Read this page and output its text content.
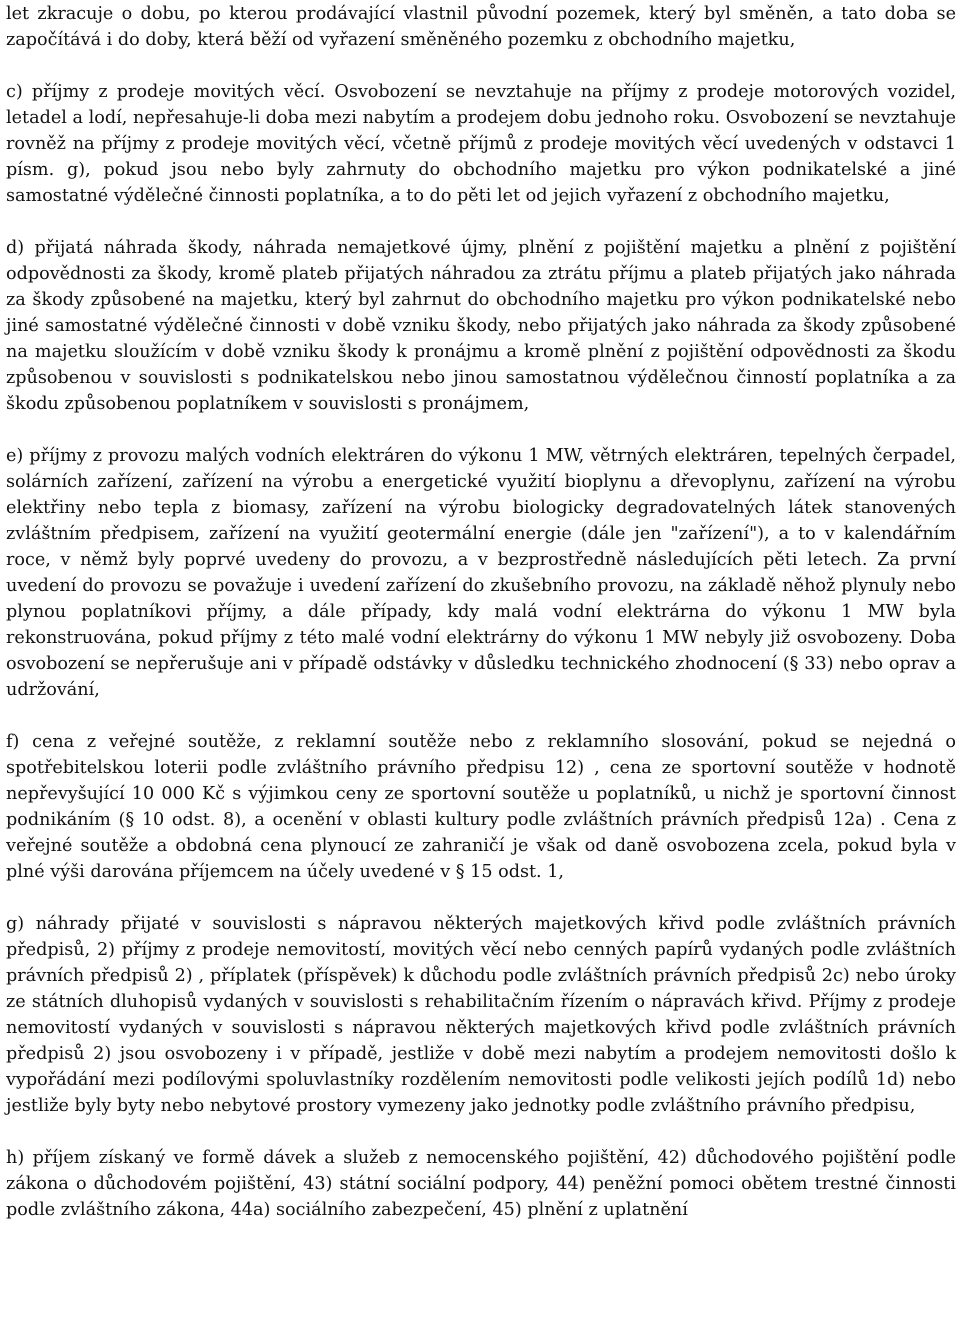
let zkracuje o dobu, po kterou prodávající vlastnil původní pozemek, který byl směněn, a tato doba se započítává i do doby, která běží od vyřazení směněného pozemku z obchodního majetku,

c) příjmy z prodeje movitých věcí. Osvobození se nevztahuje na příjmy z prodeje motorových vozidel, letadel a lodí, nepřesahuje-li doba mezi nabytím a prodejem dobu jednoho roku. Osvobození se nevztahuje rovněž na příjmy z prodeje movitých věcí, včetně příjmů z prodeje movitých věcí uvedených v odstavci 1 písm. g), pokud jsou nebo byly zahrnuty do obchodního majetku pro výkon podnikatelské a jiné samostatné výdělečné činnosti poplatníka, a to do pěti let od jejich vyřazení z obchodního majetku,

d) přijatá náhrada škody, náhrada nemajetkové újmy, plnění z pojištění majetku a plnění z pojištění odpovědnosti za škody, kromě plateb přijatých náhradou za ztrátu příjmu a plateb přijatých jako náhrada za škody způsobené na majetku, který byl zahrnut do obchodního majetku pro výkon podnikatelské nebo jiné samostatné výdělečné činnosti v době vzniku škody, nebo přijatých jako náhrada za škody způsobené na majetku sloužícím v době vzniku škody k pronájmu a kromě plnění z pojištění odpovědnosti za škodu způsobenou v souvislosti s podnikatelskou nebo jinou samostatnou výdělečnou činností poplatníka a za škodu způsobenou poplatníkem v souvislosti s pronájmem,

e) příjmy z provozu malých vodních elektráren do výkonu 1 MW, větrných elektráren, tepelných čerpadel, solárních zařízení, zařízení na výrobu a energetické využití bioplynu a dřevoplynu, zařízení na výrobu elektřiny nebo tepla z biomasy, zařízení na výrobu biologicky degradovatelných látek stanovených zvláštním předpisem, zařízení na využití geotermální energie (dále jen "zařízení"), a to v kalendářním roce, v němž byly poprvé uvedeny do provozu, a v bezprostředně následujících pěti letech. Za první uvedení do provozu se považuje i uvedení zařízení do zkušebního provozu, na základě něhož plynuly nebo plynou poplatníkovi příjmy, a dále případy, kdy malá vodní elektrárna do výkonu 1 MW byla rekonstruována, pokud příjmy z této malé vodní elektrárny do výkonu 1 MW nebyly již osvobozeny. Doba osvobození se nepřerušuje ani v případě odstávky v důsledku technického zhodnocení (§ 33) nebo oprav a udržování,

f) cena z veřejné soutěže, z reklamní soutěže nebo z reklamního slosování, pokud se nejedná o spotřebitelskou loterii podle zvláštního právního předpisu 12) , cena ze sportovní soutěže v hodnotě nepřevyšující 10 000 Kč s výjimkou ceny ze sportovní soutěže u poplatníků, u nichž je sportovní činnost podnikáním (§ 10 odst. 8), a ocenění v oblasti kultury podle zvláštních právních předpisů 12a) . Cena z veřejné soutěže a obdobná cena plynoucí ze zahraničí je však od daně osvobozena zcela, pokud byla v plné výši darována příjemcem na účely uvedené v § 15 odst. 1,

g) náhrady přijaté v souvislosti s nápravou některých majetkových křivd podle zvláštních právních předpisů, 2) příjmy z prodeje nemovitostí, movitých věcí nebo cenných papírů vydaných podle zvláštních právních předpisů 2) , příplatek (příspěvek) k důchodu podle zvláštních právních předpisů 2c) nebo úroky ze státních dluhopisů vydaných v souvislosti s rehabilitačním řízením o nápravách křivd. Příjmy z prodeje nemovitostí vydaných v souvislosti s nápravou některých majetkových křivd podle zvláštních právních předpisů 2) jsou osvobozeny i v případě, jestliže v době mezi nabytím a prodejem nemovitosti došlo k vypořádání mezi podílovými spoluvlastníky rozdělením nemovitosti podle velikosti jejích podílů 1d) nebo jestliže byly byty nebo nebytové prostory vymezeny jako jednotky podle zvláštního právního předpisu,

h) příjem získaný ve formě dávek a služeb z nemocenského pojištění, 42) důchodového pojištění podle zákona o důchodovém pojištění, 43) státní sociální podpory, 44) peněžní pomoci obětem trestné činnosti podle zvláštního zákona, 44a) sociálního zabezpečení, 45) plnění z uplatnění
